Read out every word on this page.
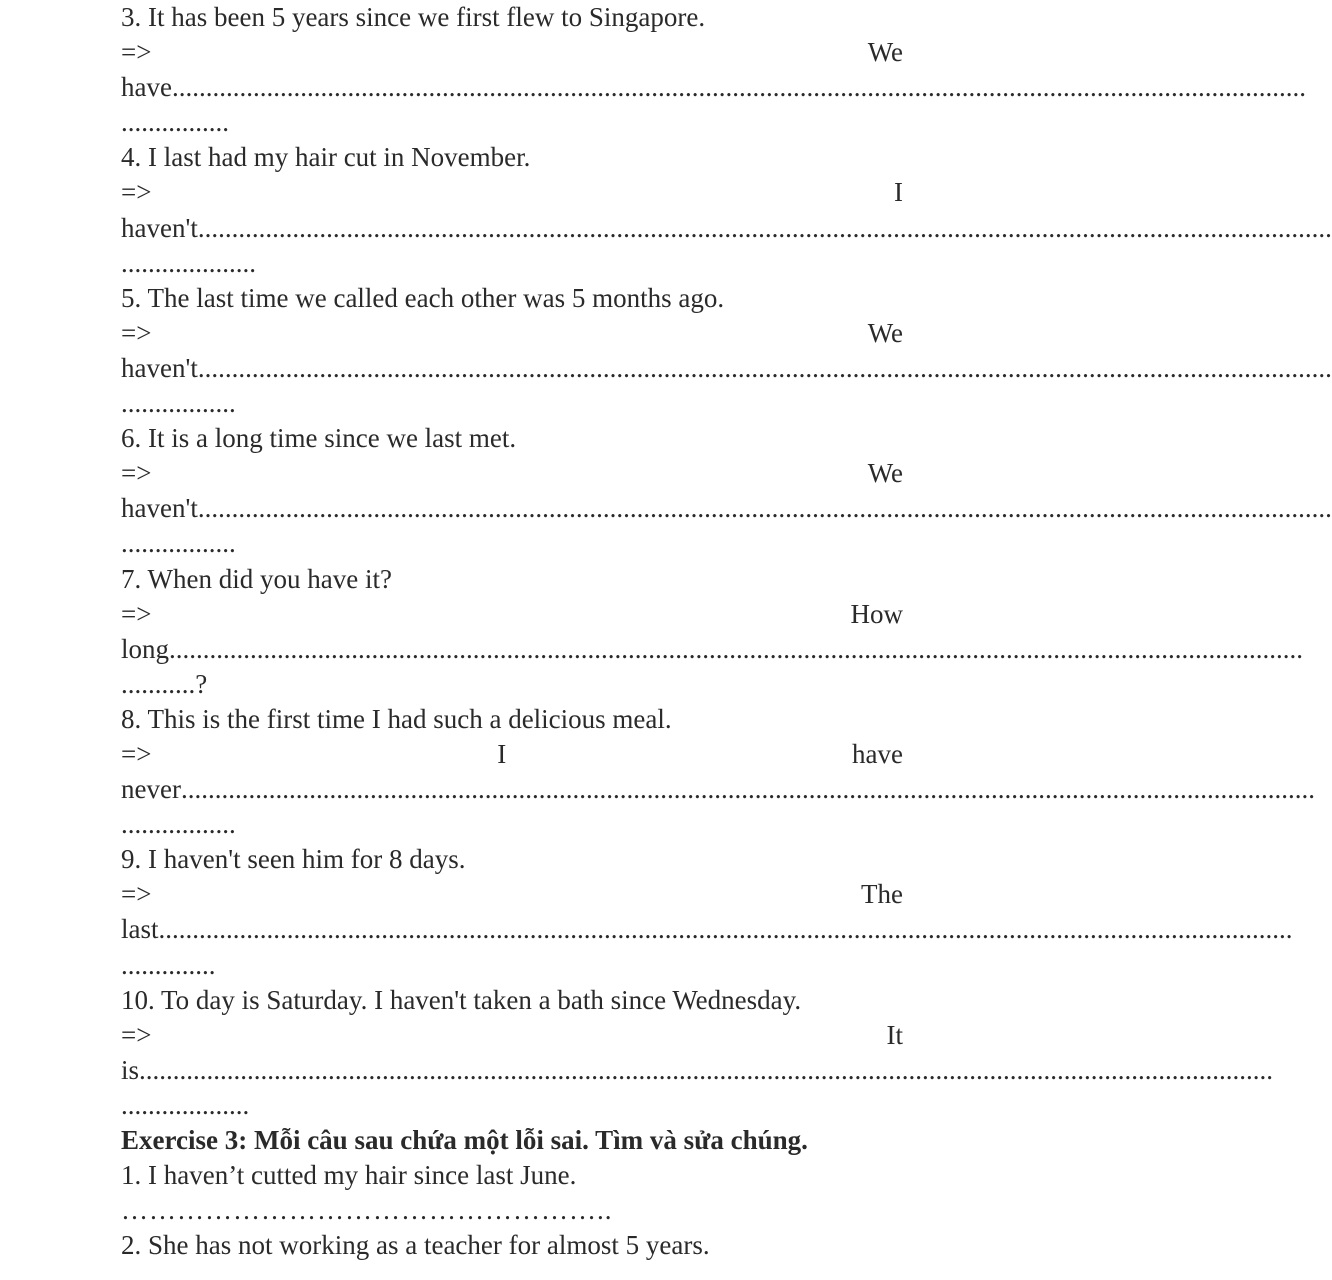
3. It has been 5 years since we first flew to Singapore.
=>	We
have ........................................................................................................................................................................
................
4. I last had my hair cut in November.
=>	I
haven't ........................................................................................................................................................................
....................
5. The last time we called each other was 5 months ago.
=>	We
haven't ........................................................................................................................................................................
.................
6. It is a long time since we last met.
=>	We
haven't ........................................................................................................................................................................
.................
7. When did you have it?
=>	How
long ........................................................................................................................................................................
...........?
8. This is the first time I had such a delicious meal.
=>	I	have
never ........................................................................................................................................................................
.................
9. I haven't seen him for 8 days.
=>	The
last ........................................................................................................................................................................
..............
10. To day is Saturday. I haven't taken a bath since Wednesday.
=>	It
is ........................................................................................................................................................................
...................
Exercise 3: Mỗi câu sau chứa một lỗi sai. Tìm và sửa chúng.
1. I haven’t cutted my hair since last June.
……………………………………………..
2. She has not working as a teacher for almost 5 years.
